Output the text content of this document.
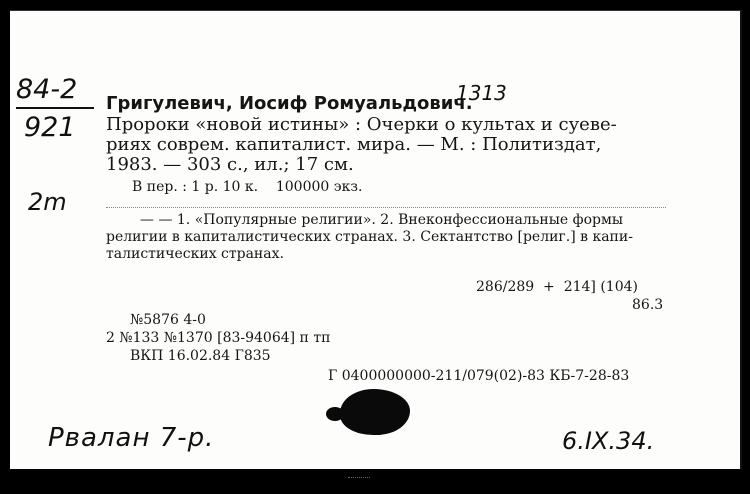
84-2
921
2m
Григулевич, Иосиф Ромуальдович.
1313
Пророки «новой истины» : Очерки о культах и суеве-
риях соврем. капиталист. мира. — М. : Политиздат,
1983. — 303 с., ил.; 17 см.
В пер. : 1 р. 10 к.    100000 экз.
— — 1. «Популярные религии». 2. Внеконфессиональные формы
религии в капиталистических странах. 3. Сектантство [религ.] в капи-
талистических странах.
286/289  +  214] (104)
86.3
№5876 4-0
2 №133 №1370 [83-94064] п тп
ВКП 16.02.84 Г835
Г 0400000000-211/079(02)-83 КБ-7-28-83
Pвалан 7-р.	6.IX.34.
